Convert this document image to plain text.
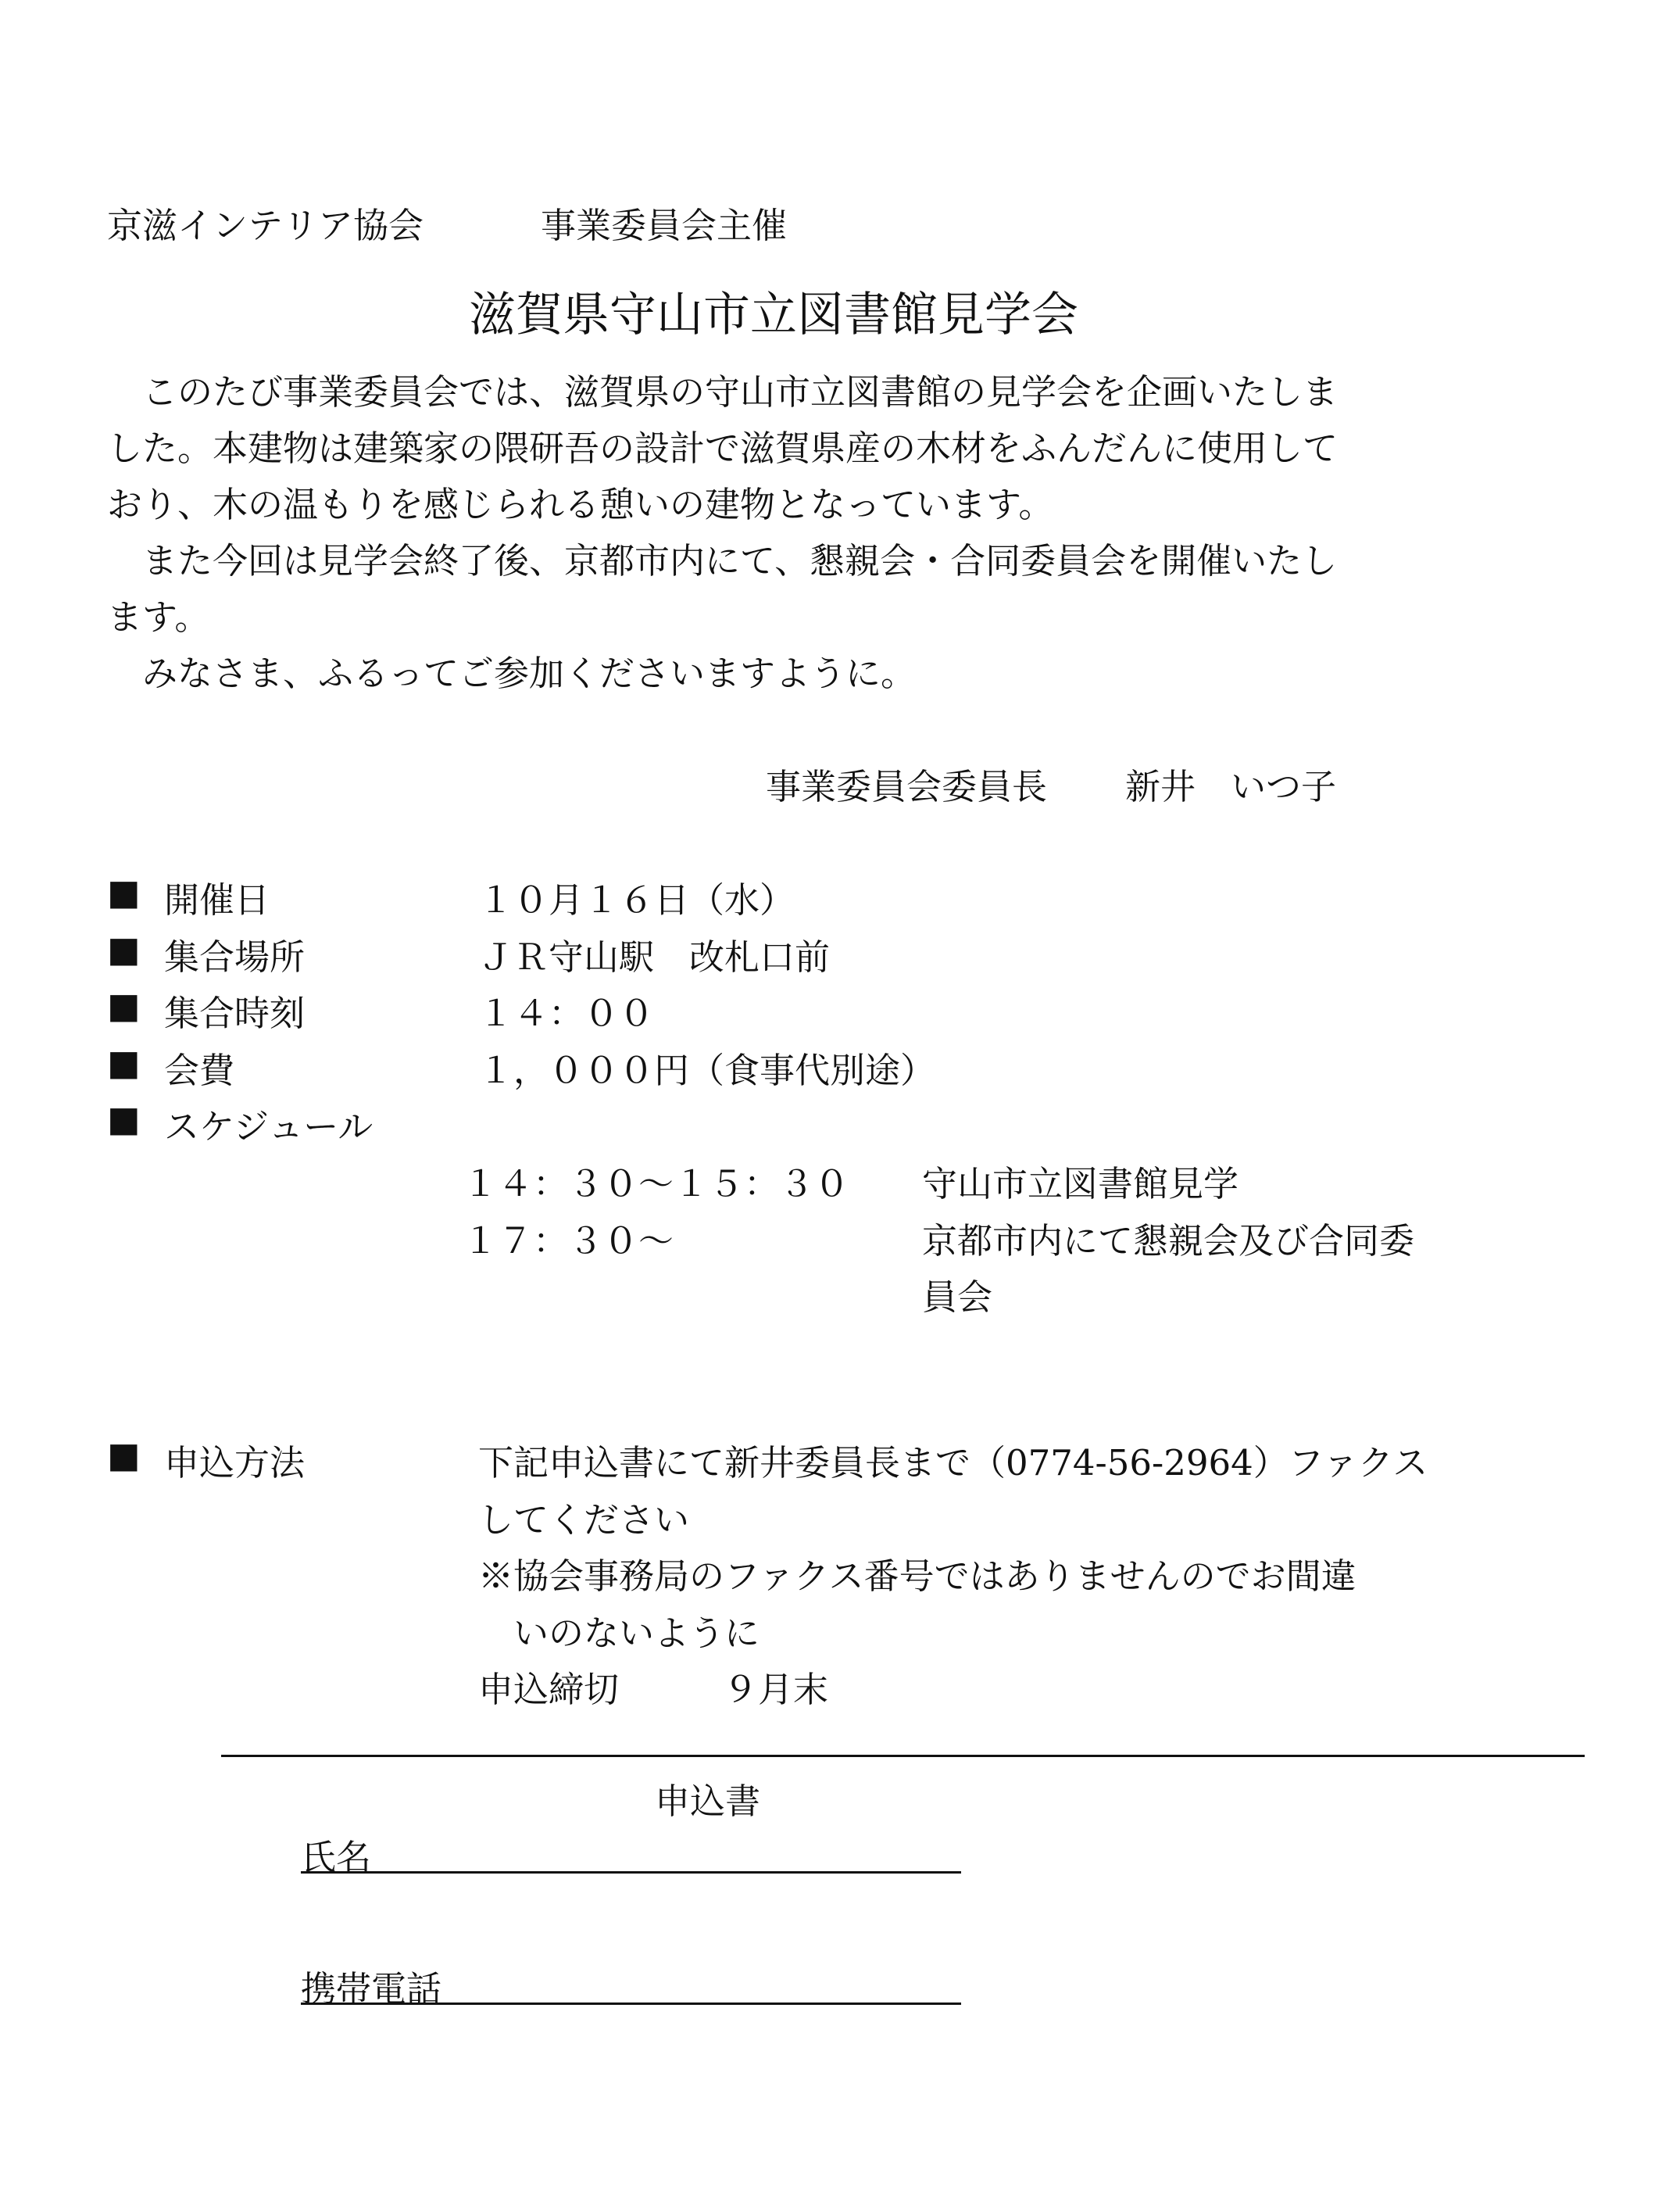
京滋インテリア協会	事業委員会主催
滋賀県守山市立図書館見学会
　このたび事業委員会では、滋賀県の守山市立図書館の見学会を企画いたしま
した。本建物は建築家の隈研吾の設計で滋賀県産の木材をふんだんに使用して
おり、木の温もりを感じられる憩いの建物となっています。
　また今回は見学会終了後、京都市内にて、懇親会・合同委員会を開催いたし
ます。
　みなさま、ふるってご参加くださいますように。
事業委員会委員長 新井　いつ子
■ 開催日	１０月１６日（水）
■ 集合場所	ＪＲ守山駅　改札口前
■ 集合時刻	１４：００
■ 会費	１，０００円（食事代別途）
■ スケジュール
１４：３０～１５：３０ 守山市立図書館見学
１７：３０～	京都市内にて懇親会及び合同委
員会
■ 申込方法	下記申込書にて新井委員長まで（0774-56-2964）ファクス
してください
※協会事務局のファクス番号ではありませんのでお間違
　いのないように
申込締切	９月末
申込書
氏名
携帯電話
